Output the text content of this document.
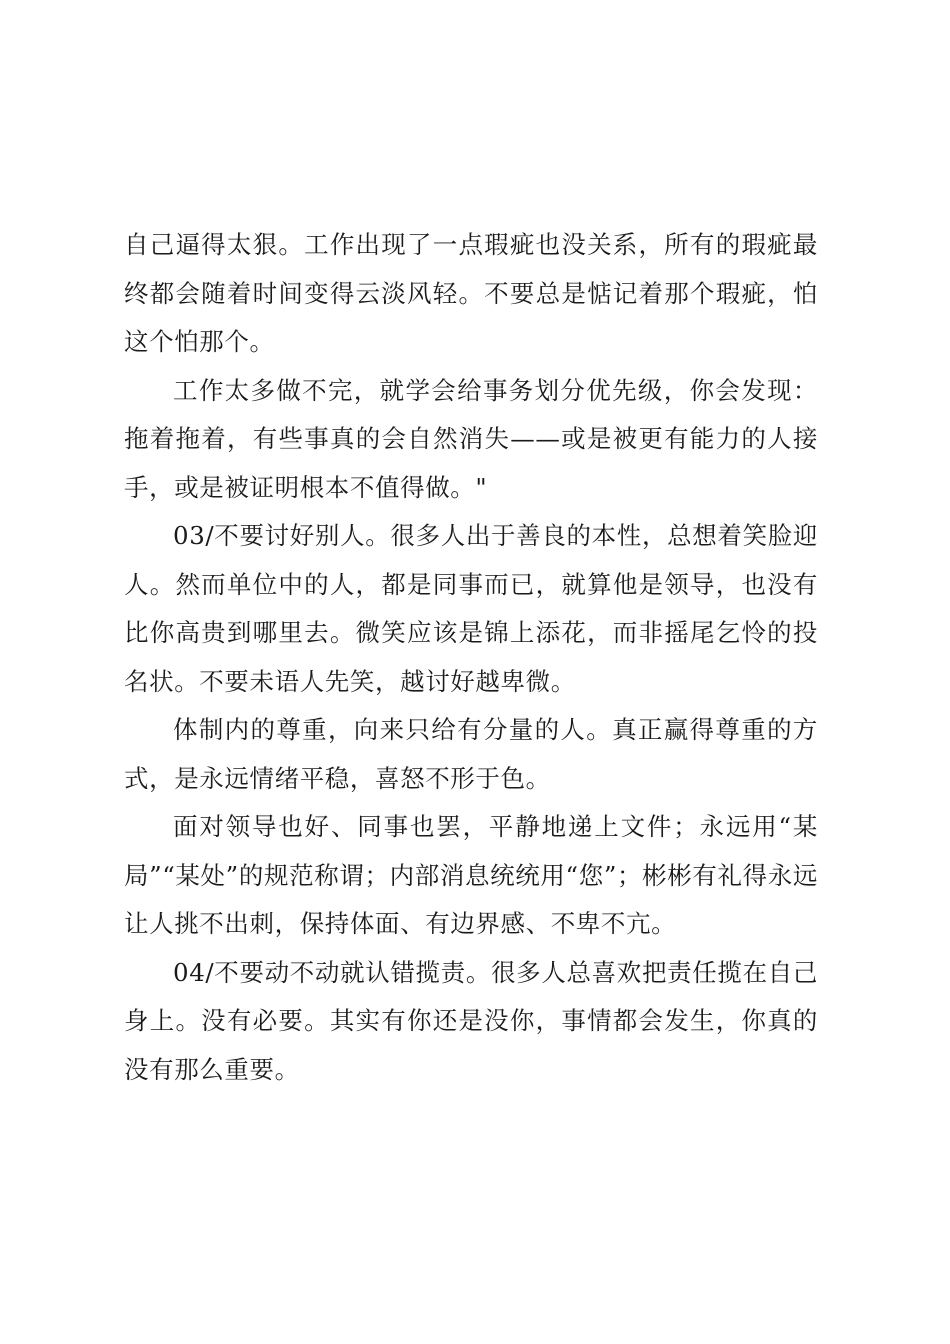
自己逼得太狠。工作出现了一点瑕疵也没关系，所有的瑕疵最终都会随着时间变得云淡风轻。不要总是惦记着那个瑕疵，怕这个怕那个。

工作太多做不完，就学会给事务划分优先级，你会发现：拖着拖着，有些事真的会自然消失——或是被更有能力的人接手，或是被证明根本不值得做。"

03/不要讨好别人。很多人出于善良的本性，总想着笑脸迎人。然而单位中的人，都是同事而已，就算他是领导，也没有比你高贵到哪里去。微笑应该是锦上添花，而非摇尾乞怜的投名状。不要未语人先笑，越讨好越卑微。

体制内的尊重，向来只给有分量的人。真正赢得尊重的方式，是永远情绪平稳，喜怒不形于色。

面对领导也好、同事也罢，平静地递上文件；永远用“某局”“某处”的规范称谓；内部消息统统用“您”；彬彬有礼得永远让人挑不出刺，保持体面、有边界感、不卑不亢。

04/不要动不动就认错揽责。很多人总喜欢把责任揽在自己身上。没有必要。其实有你还是没你，事情都会发生，你真的没有那么重要。
